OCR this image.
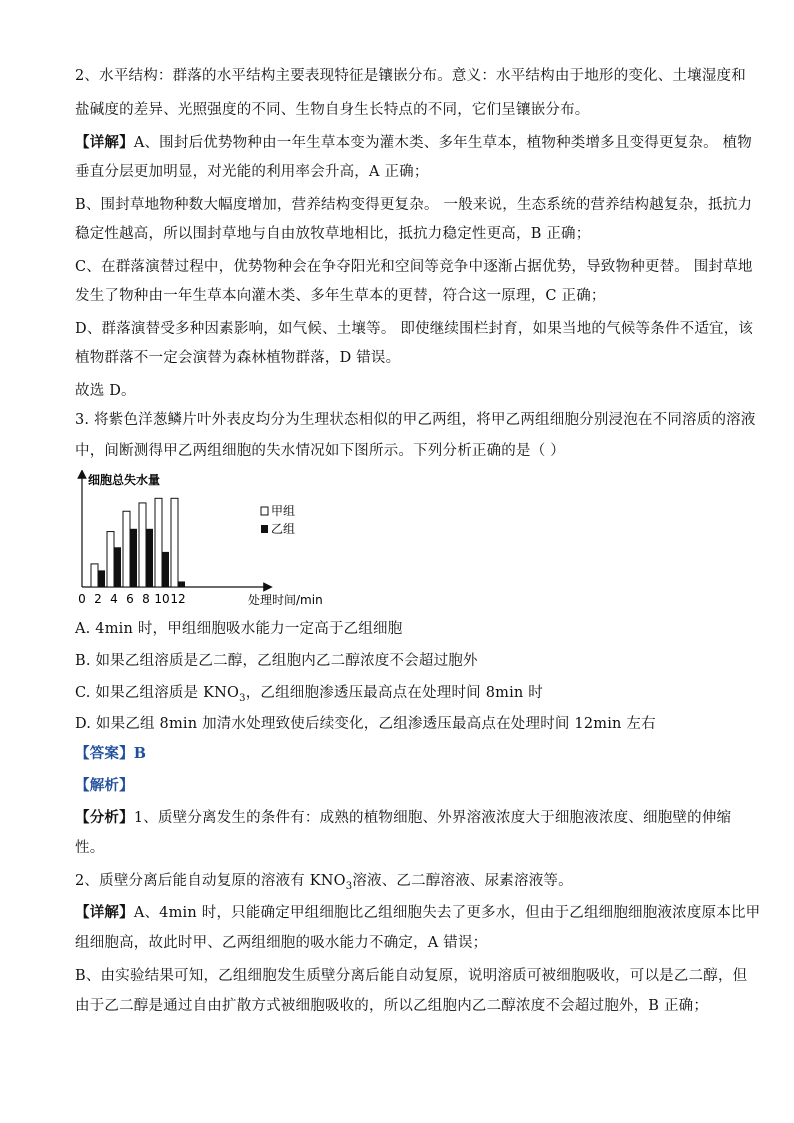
2、水平结构：群落的水平结构主要表现特征是镶嵌分布。意义：水平结构由于地形的变化、土壤湿度和
盐碱度的差异、光照强度的不同、生物自身生长特点的不同，它们呈镶嵌分布。
【详解】A、围封后优势物种由一年生草本变为灌木类、多年生草本，植物种类增多且变得更复杂。 植物
垂直分层更加明显，对光能的利用率会升高，A 正确；
B、围封草地物种数大幅度增加，营养结构变得更复杂。 一般来说，生态系统的营养结构越复杂，抵抗力
稳定性越高，所以围封草地与自由放牧草地相比，抵抗力稳定性更高，B 正确；
C、在群落演替过程中，优势物种会在争夺阳光和空间等竞争中逐渐占据优势，导致物种更替。 围封草地
发生了物种由一年生草本向灌木类、多年生草本的更替，符合这一原理，C 正确；
D、群落演替受多种因素影响，如气候、土壤等。 即使继续围栏封育，如果当地的气候等条件不适宜，该
植物群落不一定会演替为森林植物群落，D 错误。
故选 D。
3. 将紫色洋葱鳞片叶外表皮均分为生理状态相似的甲乙两组，将甲乙两组细胞分别浸泡在不同溶质的溶液
中，间断测得甲乙两组细胞的失水情况如下图所示。下列分析正确的是（ ）
细胞总失水量
处理时间/min
0 2 4 6 8 10 12
甲组
乙组
A. 4min 时，甲组细胞吸水能力一定高于乙组细胞
B. 如果乙组溶质是乙二醇，乙组胞内乙二醇浓度不会超过胞外
C. 如果乙组溶质是 $KNO_3$，乙组细胞渗透压最高点在处理时间 8min 时
D. 如果乙组 8min 加清水处理致使后续变化，乙组渗透压最高点在处理时间 12min 左右
【答案】B
【解析】
【分析】1、质壁分离发生的条件有：成熟的植物细胞、外界溶液浓度大于细胞液浓度、细胞壁的伸缩
性。
2、质壁分离后能自动复原的溶液有 $KNO_3$溶液、乙二醇溶液、尿素溶液等。
【详解】A、4min 时，只能确定甲组细胞比乙组细胞失去了更多水，但由于乙组细胞细胞液浓度原本比甲
组细胞高，故此时甲、乙两组细胞的吸水能力不确定，A 错误；
B、由实验结果可知，乙组细胞发生质壁分离后能自动复原，说明溶质可被细胞吸收，可以是乙二醇，但
由于乙二醇是通过自由扩散方式被细胞吸收的，所以乙组胞内乙二醇浓度不会超过胞外，B 正确；
